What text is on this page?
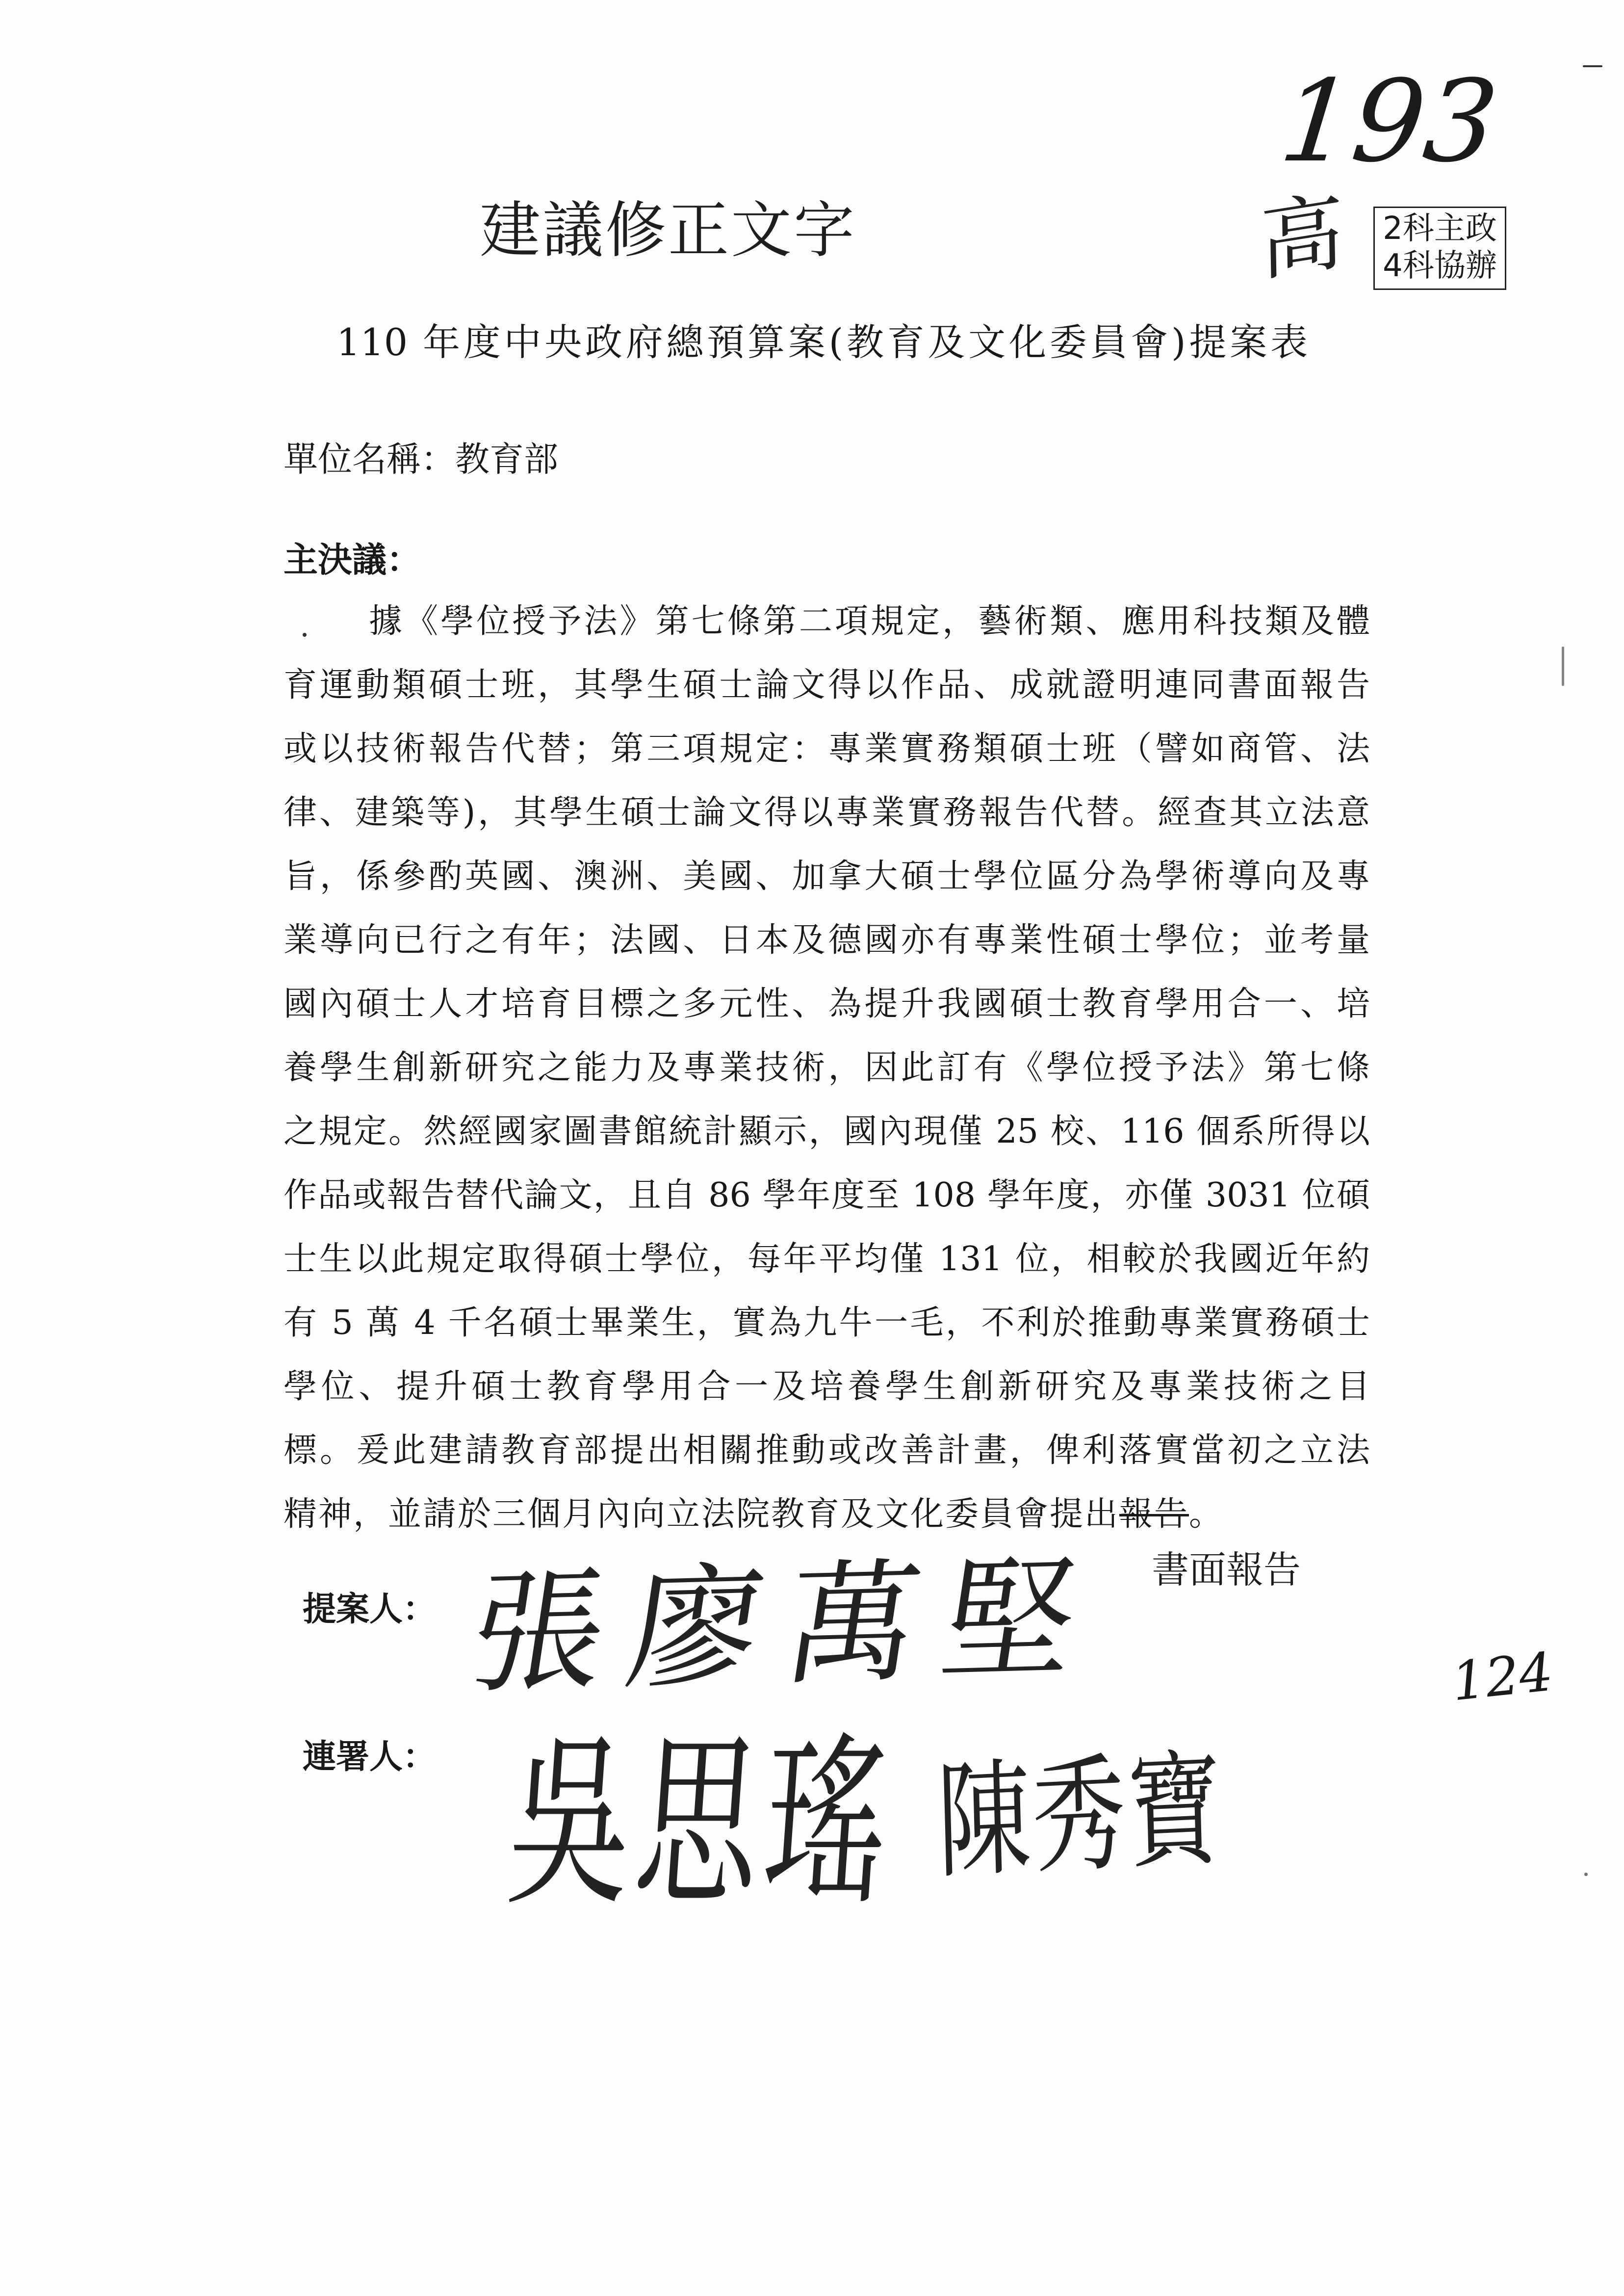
193
高 2科主政
4科協辦
建議修正文字
110 年度中央政府總預算案(教育及文化委員會)提案表
單位名稱：教育部
主決議：
據《學位授予法》第七條第二項規定，藝術類、應用科技類及體
育運動類碩士班，其學生碩士論文得以作品、成就證明連同書面報告
或以技術報告代替；第三項規定：專業實務類碩士班（譬如商管、法
律、建築等)，其學生碩士論文得以專業實務報告代替。經查其立法意
旨，係參酌英國、澳洲、美國、加拿大碩士學位區分為學術導向及專
業導向已行之有年；法國、日本及德國亦有專業性碩士學位；並考量
國內碩士人才培育目標之多元性、為提升我國碩士教育學用合一、培
養學生創新研究之能力及專業技術，因此訂有《學位授予法》第七條
之規定。然經國家圖書館統計顯示，國內現僅 25 校、116 個系所得以
作品或報告替代論文，且自 86 學年度至 108 學年度，亦僅 3031 位碩
士生以此規定取得碩士學位，每年平均僅 131 位，相較於我國近年約
有 5 萬 4 千名碩士畢業生，實為九牛一毛，不利於推動專業實務碩士
學位、提升碩士教育學用合一及培養學生創新研究及專業技術之目
標。爰此建請教育部提出相關推動或改善計畫，俾利落實當初之立法
精神，並請於三個月內向立法院教育及文化委員會提出報告。
書面報告
提案人： 張廖萬堅
連署人： 吳思瑤 陳秀寶
124
